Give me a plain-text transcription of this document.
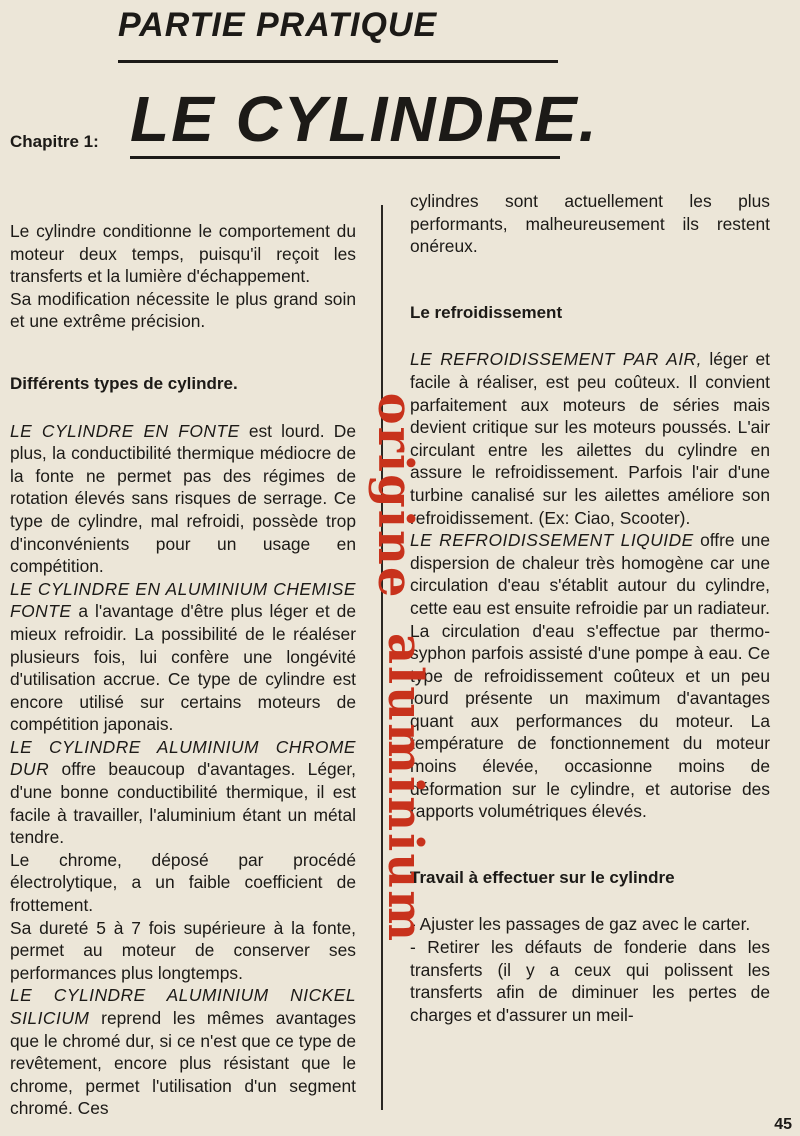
PARTIE PRATIQUE
Chapitre 1: LE CYLINDRE.

Le cylindre conditionne le comportement du moteur deux temps, puisqu'il reçoit les transferts et la lumière d'échappement.

Sa modification nécessite le plus grand soin et une extrême précision.

Différents types de cylindre.

LE CYLINDRE EN FONTE est lourd. De plus, la conductibilité thermique médiocre de la fonte ne permet pas des régimes de rotation élevés sans risques de serrage. Ce type de cylindre, mal refroidi, possède trop d'inconvénients pour un usage en compétition.

LE CYLINDRE EN ALUMINIUM CHEMISE FONTE a l'avantage d'être plus léger et de mieux refroidir. La possibilité de le réaléser plusieurs fois, lui confère une longévité d'utilisation accrue. Ce type de cylindre est encore utilisé sur certains moteurs de compétition japonais.

LE CYLINDRE ALUMINIUM CHROME DUR offre beaucoup d'avantages. Léger, d'une bonne conductibilité thermique, il est facile à travailler, l'aluminium étant un métal tendre.

Le chrome, déposé par procédé électrolytique, a un faible coefficient de frottement.

Sa dureté 5 à 7 fois supérieure à la fonte, permet au moteur de conserver ses performances plus longtemps.

LE CYLINDRE ALUMINIUM NICKEL SILICIUM reprend les mêmes avantages que le chromé dur, si ce n'est que ce type de revêtement, encore plus résistant que le chrome, permet l'utilisation d'un segment chromé. Ces

cylindres sont actuellement les plus performants, malheureusement ils restent onéreux.

Le refroidissement

LE REFROIDISSEMENT PAR AIR, léger et facile à réaliser, est peu coûteux. Il convient parfaitement aux moteurs de séries mais devient critique sur les moteurs poussés. L'air circulant entre les ailettes du cylindre en assure le refroidissement. Parfois l'air d'une turbine canalisé sur les ailettes améliore son refroidissement. (Ex: Ciao, Scooter).

LE REFROIDISSEMENT LIQUIDE offre une dispersion de chaleur très homogène car une circulation d'eau s'établit autour du cylindre, cette eau est ensuite refroidie par un radiateur. La circulation d'eau s'effectue par thermo-syphon parfois assisté d'une pompe à eau. Ce type de refroidissement coûteux et un peu lourd présente un maximum d'avantages quant aux performances du moteur. La température de fonctionnement du moteur moins élevée, occasionne moins de déformation sur le cylindre, et autorise des rapports volumétriques élevés.

Travail à effectuer sur le cylindre

- Ajuster les passages de gaz avec le carter.

- Retirer les défauts de fonderie dans les transferts (il y a ceux qui polissent les transferts afin de diminuer les pertes de charges et d'assurer un meil-

origine
aluminium
45
